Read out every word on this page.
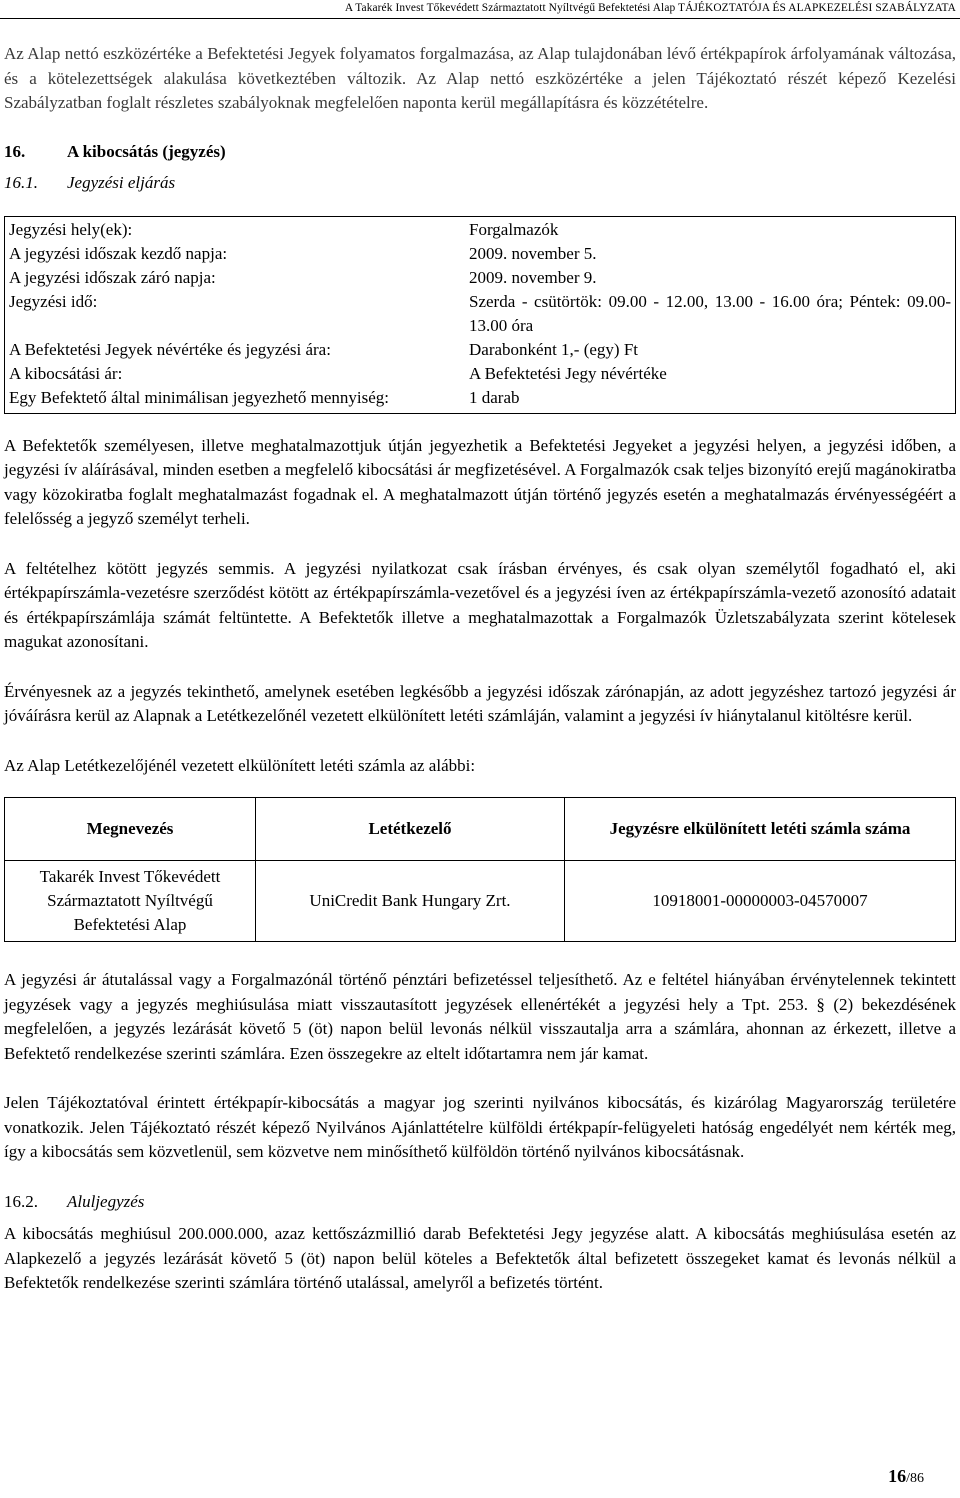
A Takarék Invest Tőkevédett Származtatott Nyíltvégű Befektetési Alap TÁJÉKOZTATÓJA ÉS ALAPKEZELÉSI SZABÁLYZATA

Az Alap nettó eszközértéke a Befektetési Jegyek folyamatos forgalmazása, az Alap tulajdonában lévő értékpapírok árfolyamának változása, és a kötelezettségek alakulása következtében változik. Az Alap nettó eszközértéke a jelen Tájékoztató részét képező Kezelési Szabályzatban foglalt részletes szabályoknak megfelelően naponta kerül megállapításra és közzétételre.

16.	A kibocsátás (jegyzés)
16.1.	Jegyzési eljárás
Jegyzési hely(ek):	Forgalmazók
A jegyzési időszak kezdő napja:	2009. november 5.
A jegyzési időszak záró napja:	2009. november 9.
Jegyzési idő:	Szerda - csütörtök: 09.00 - 12.00, 13.00 - 16.00 óra; Péntek: 09.00-13.00 óra
A Befektetési Jegyek névértéke és jegyzési ára:	Darabonként 1,- (egy) Ft
A kibocsátási ár:	A Befektetési Jegy névértéke
Egy Befektető által minimálisan jegyezhető mennyiség:	1 darab

A Befektetők személyesen, illetve meghatalmazottjuk útján jegyezhetik a Befektetési Jegyeket a jegyzési helyen, a jegyzési időben, a jegyzési ív aláírásával, minden esetben a megfelelő kibocsátási ár megfizetésével. A Forgalmazók csak teljes bizonyító erejű magánokiratba vagy közokiratba foglalt meghatalmazást fogadnak el. A meghatalmazott útján történő jegyzés esetén a meghatalmazás érvényességéért a felelősség a jegyző személyt terheli.

A feltételhez kötött jegyzés semmis. A jegyzési nyilatkozat csak írásban érvényes, és csak olyan személytől fogadható el, aki értékpapírszámla-vezetésre szerződést kötött az értékpapírszámla-vezetővel és a jegyzési íven az értékpapírszámla-vezető azonosító adatait és értékpapírszámlája számát feltüntette. A Befektetők illetve a meghatalmazottak a Forgalmazók Üzletszabályzata szerint kötelesek magukat azonosítani.

Érvényesnek az a jegyzés tekinthető, amelynek esetében legkésőbb a jegyzési időszak zárónapján, az adott jegyzéshez tartozó jegyzési ár jóváírásra kerül az Alapnak a Letétkezelőnél vezetett elkülönített letéti számláján, valamint a jegyzési ív hiánytalanul kitöltésre kerül.

Az Alap Letétkezelőjénél vezetett elkülönített letéti számla az alábbi:

Megnevezés	Letétkezelő	Jegyzésre elkülönített letéti számla száma
Takarék Invest Tőkevédett Származtatott Nyíltvégű Befektetési Alap	UniCredit Bank Hungary Zrt.	10918001-00000003-04570007

A jegyzési ár átutalással vagy a Forgalmazónál történő pénztári befizetéssel teljesíthető. Az e feltétel hiányában érvénytelennek tekintett jegyzések vagy a jegyzés meghiúsulása miatt visszautasított jegyzések ellenértékét a jegyzési hely a Tpt. 253. § (2) bekezdésének megfelelően, a jegyzés lezárását követő 5 (öt) napon belül levonás nélkül visszautalja arra a számlára, ahonnan az érkezett, illetve a Befektető rendelkezése szerinti számlára. Ezen összegekre az eltelt időtartamra nem jár kamat.

Jelen Tájékoztatóval érintett értékpapír-kibocsátás a magyar jog szerinti nyilvános kibocsátás, és kizárólag Magyarország területére vonatkozik. Jelen Tájékoztató részét képező Nyilvános Ajánlattételre külföldi értékpapír-felügyeleti hatóság engedélyét nem kérték meg, így a kibocsátás sem közvetlenül, sem közvetve nem minősíthető külföldön történő nyilvános kibocsátásnak.

16.2.	Aluljegyzés

A kibocsátás meghiúsul 200.000.000, azaz kettőszázmillió darab Befektetési Jegy jegyzése alatt. A kibocsátás meghiúsulása esetén az Alapkezelő a jegyzés lezárását követő 5 (öt) napon belül köteles a Befektetők által befizetett összegeket kamat és levonás nélkül a Befektetők rendelkezése szerinti számlára történő utalással, amelyről a befizetés történt.

16/86
